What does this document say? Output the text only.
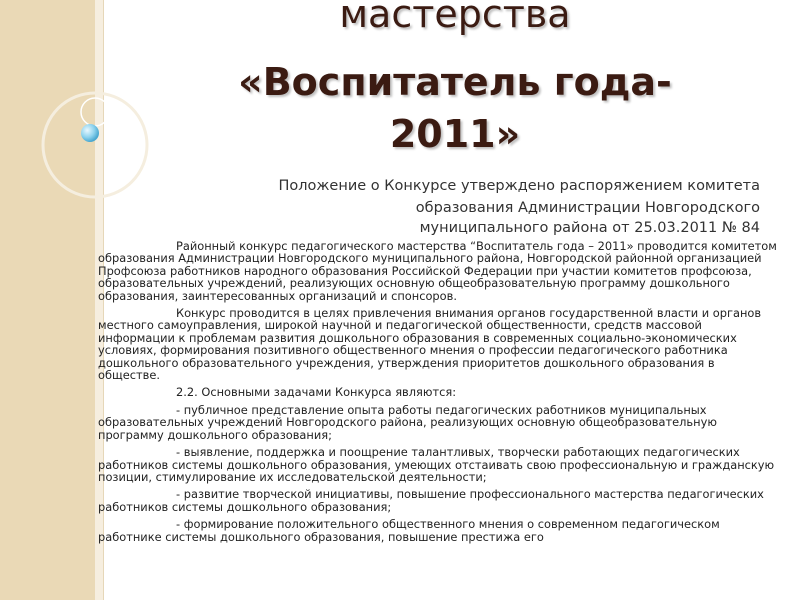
мастерства
«Воспитатель года-
2011»
Положение о Конкурсе утверждено распоряжением комитета
образования Администрации Новгородского
муниципального района от 25.03.2011 № 84

Районный конкурс педагогического мастерства “Воспитатель года – 2011» проводится комитетом образования Администрации Новгородского муниципального района, Новгородской районной организацией Профсоюза работников народного образования Российской Федерации при участии комитетов профсоюза, образовательных учреждений, реализующих основную общеобразовательную программу дошкольного образования, заинтересованных организаций и спонсоров.

Конкурс проводится в целях привлечения внимания органов государственной власти и органов местного самоуправления, широкой научной и педагогической общественности, средств массовой информации к проблемам развития дошкольного образования в современных социально-экономических условиях, формирования позитивного общественного мнения о профессии педагогического работника дошкольного образовательного учреждения, утверждения приоритетов дошкольного образования в обществе.

2.2. Основными задачами Конкурса являются:

- публичное представление опыта работы педагогических работников муниципальных образовательных учреждений Новгородского района, реализующих основную общеобразовательную программу дошкольного образования;

- выявление, поддержка и поощрение талантливых, творчески работающих педагогических работников системы дошкольного образования, умеющих отстаивать свою профессиональную и гражданскую позиции, стимулирование их исследовательской деятельности;

- развитие творческой инициативы, повышение профессионального мастерства педагогических работников системы дошкольного образования;

- формирование положительного общественного мнения о современном педагогическом работнике системы дошкольного образования, повышение престижа его
